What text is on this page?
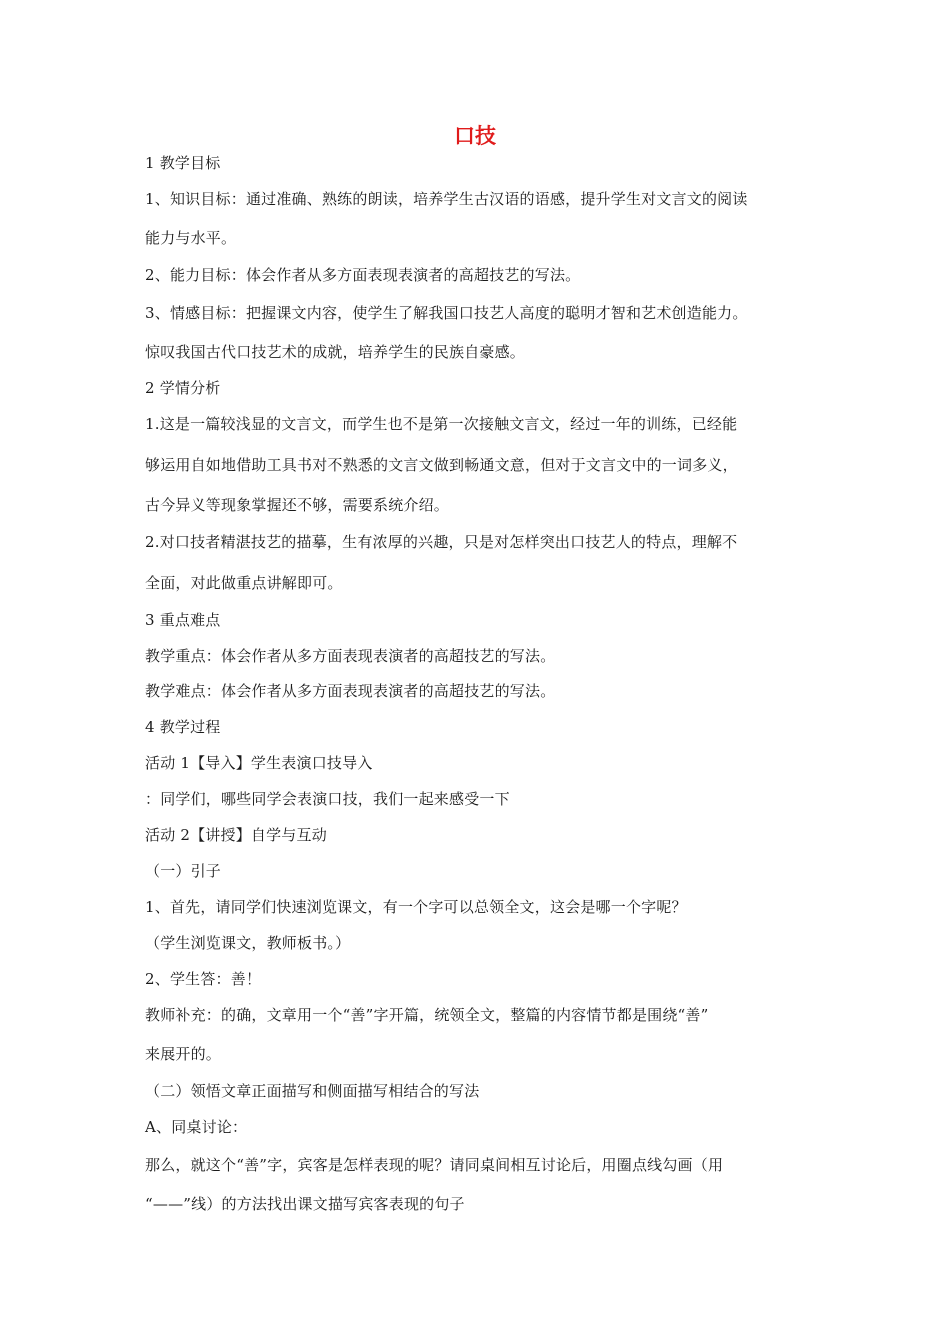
口技
1 教学目标
1、知识目标：通过准确、熟练的朗读，培养学生古汉语的语感，提升学生对文言文的阅读
能力与水平。
2、能力目标：体会作者从多方面表现表演者的高超技艺的写法。
3、情感目标：把握课文内容，使学生了解我国口技艺人高度的聪明才智和艺术创造能力。
惊叹我国古代口技艺术的成就，培养学生的民族自豪感。
2 学情分析
1.这是一篇较浅显的文言文，而学生也不是第一次接触文言文，经过一年的训练，已经能
够运用自如地借助工具书对不熟悉的文言文做到畅通文意，但对于文言文中的一词多义，
古今异义等现象掌握还不够，需要系统介绍。
2.对口技者精湛技艺的描摹，生有浓厚的兴趣，只是对怎样突出口技艺人的特点，理解不
全面，对此做重点讲解即可。
3 重点难点
教学重点：体会作者从多方面表现表演者的高超技艺的写法。
教学难点：体会作者从多方面表现表演者的高超技艺的写法。
4 教学过程
活动 1【导入】学生表演口技导入
：同学们，哪些同学会表演口技，我们一起来感受一下
活动 2【讲授】自学与互动
（一）引子
1、首先，请同学们快速浏览课文，有一个字可以总领全文，这会是哪一个字呢？
（学生浏览课文，教师板书。）
2、学生答：善！
教师补充：的确，文章用一个“善”字开篇，统领全文，整篇的内容情节都是围绕“善”
来展开的。
（二）领悟文章正面描写和侧面描写相结合的写法
A、同桌讨论：
那么，就这个“善”字，宾客是怎样表现的呢？请同桌间相互讨论后，用圈点线勾画（用
“——”线）的方法找出课文描写宾客表现的句子
